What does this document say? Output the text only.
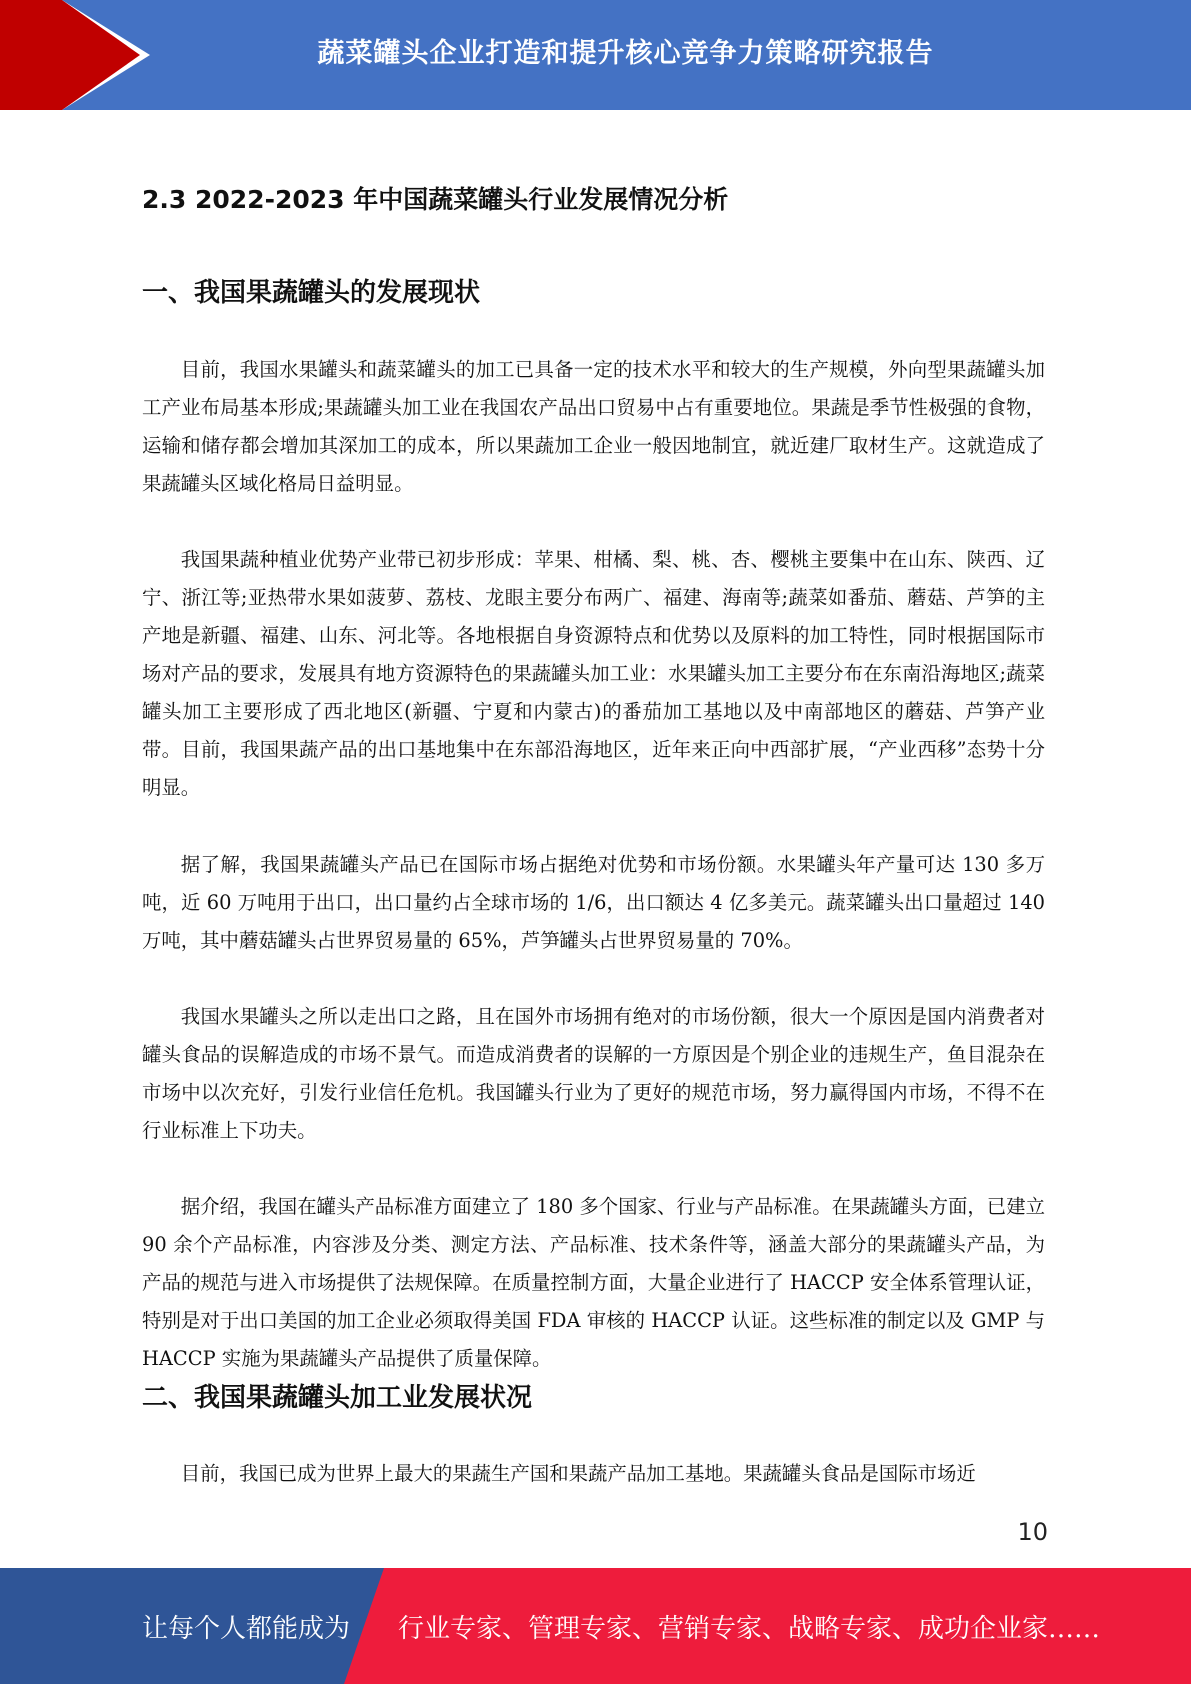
蔬菜罐头企业打造和提升核心竞争力策略研究报告
2.3 2022-2023 年中国蔬菜罐头行业发展情况分析
一、我国果蔬罐头的发展现状

目前，我国水果罐头和蔬菜罐头的加工已具备一定的技术水平和较大的生产规模，外向型果蔬罐头加工产业布局基本形成;果蔬罐头加工业在我国农产品出口贸易中占有重要地位。果蔬是季节性极强的食物，运输和储存都会增加其深加工的成本，所以果蔬加工企业一般因地制宜，就近建厂取材生产。这就造成了果蔬罐头区域化格局日益明显。

我国果蔬种植业优势产业带已初步形成：苹果、柑橘、梨、桃、杏、樱桃主要集中在山东、陕西、辽宁、浙江等;亚热带水果如菠萝、荔枝、龙眼主要分布两广、福建、海南等;蔬菜如番茄、蘑菇、芦笋的主产地是新疆、福建、山东、河北等。各地根据自身资源特点和优势以及原料的加工特性，同时根据国际市场对产品的要求，发展具有地方资源特色的果蔬罐头加工业：水果罐头加工主要分布在东南沿海地区;蔬菜罐头加工主要形成了西北地区(新疆、宁夏和内蒙古)的番茄加工基地以及中南部地区的蘑菇、芦笋产业带。目前，我国果蔬产品的出口基地集中在东部沿海地区，近年来正向中西部扩展，“产业西移”态势十分明显。

据了解，我国果蔬罐头产品已在国际市场占据绝对优势和市场份额。水果罐头年产量可达 130 多万吨，近 60 万吨用于出口，出口量约占全球市场的 1/6，出口额达 4 亿多美元。蔬菜罐头出口量超过 140 万吨，其中蘑菇罐头占世界贸易量的 65%，芦笋罐头占世界贸易量的 70%。

我国水果罐头之所以走出口之路，且在国外市场拥有绝对的市场份额，很大一个原因是国内消费者对罐头食品的误解造成的市场不景气。而造成消费者的误解的一方原因是个别企业的违规生产，鱼目混杂在市场中以次充好，引发行业信任危机。我国罐头行业为了更好的规范市场，努力赢得国内市场，不得不在行业标准上下功夫。

据介绍，我国在罐头产品标准方面建立了 180 多个国家、行业与产品标准。在果蔬罐头方面，已建立 90 余个产品标准，内容涉及分类、测定方法、产品标准、技术条件等，涵盖大部分的果蔬罐头产品，为产品的规范与进入市场提供了法规保障。在质量控制方面，大量企业进行了 HACCP 安全体系管理认证，特别是对于出口美国的加工企业必须取得美国 FDA 审核的 HACCP 认证。这些标准的制定以及 GMP 与 HACCP 实施为果蔬罐头产品提供了质量保障。

二、我国果蔬罐头加工业发展状况

目前，我国已成为世界上最大的果蔬生产国和果蔬产品加工基地。果蔬罐头食品是国际市场近

10
让每个人都能成为 行业专家、管理专家、营销专家、战略专家、成功企业家……
